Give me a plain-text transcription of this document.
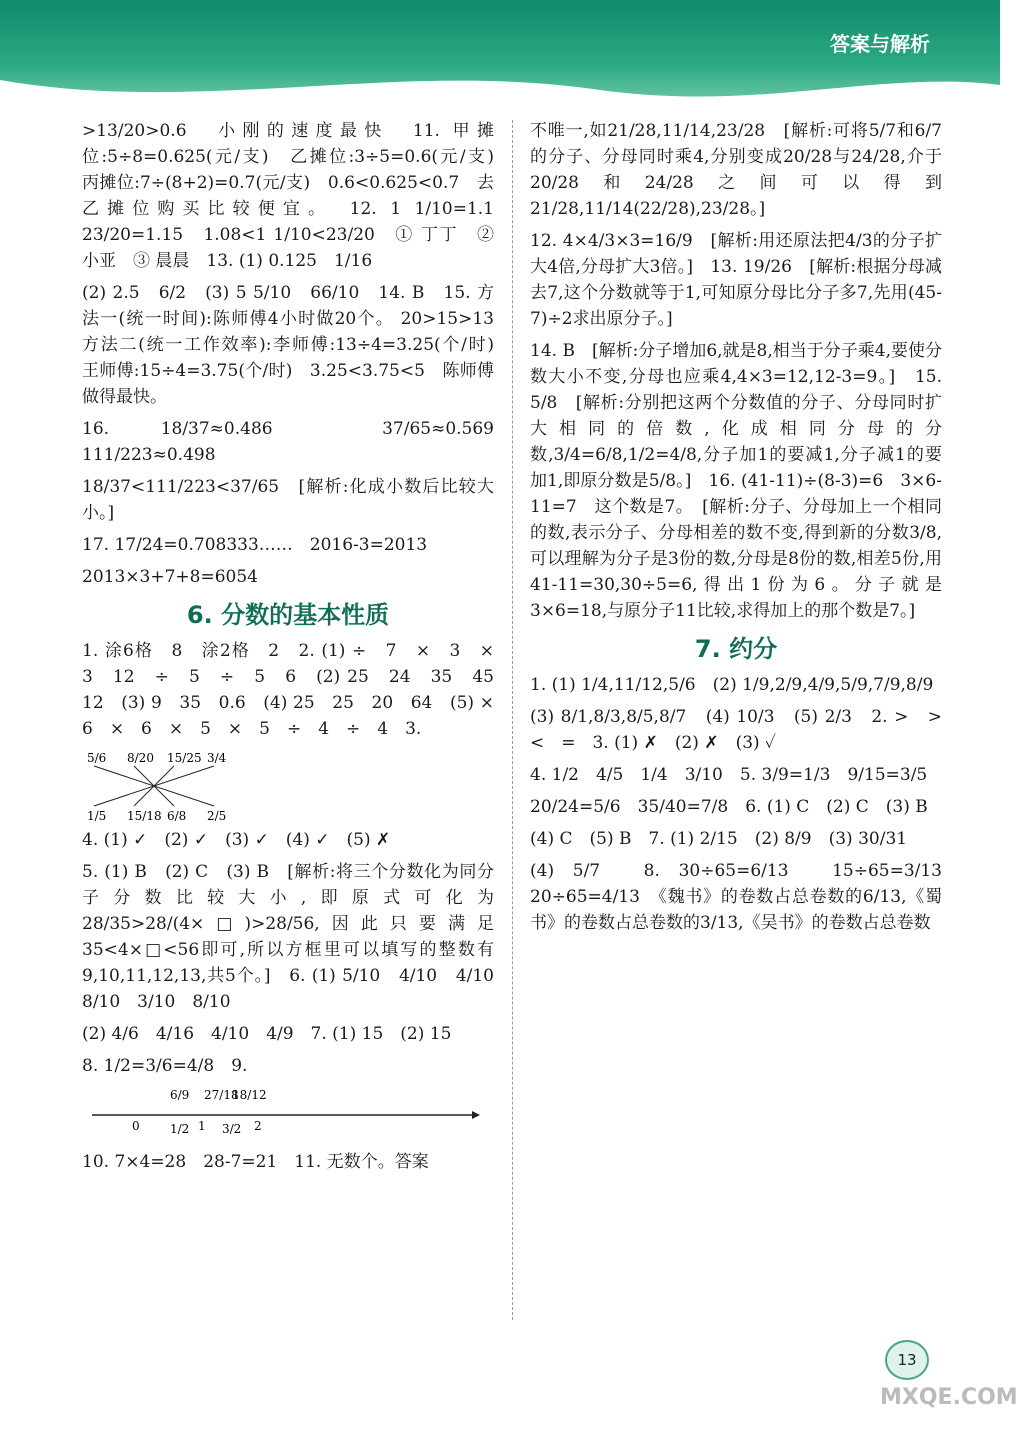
答案与解析

>13/20>0.6　小刚的速度最快　11. 甲摊位:5÷8=0.625(元/支)　乙摊位:3÷5=0.6(元/支)　丙摊位:7÷(8+2)=0.7(元/支)　0.6<0.625<0.7　去乙摊位购买比较便宜。　12. 1 1/10=1.1　23/20=1.15　1.08<1 1/10<23/20　① 丁丁　② 小亚　③ 晨晨　13. (1) 0.125　1/16

(2) 2.5　6/2　(3) 5 5/10　66/10　14. B　15. 方法一(统一时间):陈师傅4小时做20个。 20>15>13　方法二(统一工作效率):李师傅:13÷4=3.25(个/时)　王师傅:15÷4=3.75(个/时)　3.25<3.75<5　陈师傅做得最快。

16. 18/37≈0.486　37/65≈0.569　111/223≈0.498

18/37<111/223<37/65　[解析:化成小数后比较大小。]

17. 17/24=0.708333……　2016-3=2013

2013×3+7+8=6054

6. 分数的基本性质

1. 涂6格　8　涂2格　2　2. (1) ÷　7　×　3　×　3　12　÷　5　÷　5　6　(2) 25　24　35　45　12　(3) 9　35　0.6　(4) 25　25　20　64　(5) ×　6　×　6　×　5　×　5　÷　4　÷　4　3.

5/6 8/20 15/25 3/4
1/5 15/18 6/8 2/5

4. (1) ✓　(2) ✓　(3) ✓　(4) ✓　(5) ✗

5. (1) B　(2) C　(3) B　[解析:将三个分数化为同分子分数比较大小,即原式可化为28/35>28/(4×□)>28/56,因此只要满足35<4×□<56即可,所以方框里可以填写的整数有9,10,11,12,13,共5个。]　6. (1) 5/10　4/10　4/10　8/10　3/10　8/10

(2) 4/6　4/16　4/10　4/9　7. (1) 15　(2) 15

8. 1/2=3/6=4/8　9.

0	1/2 1 3/2 2
6/9 27/18
18/12

10. 7×4=28　28-7=21　11. 无数个。答案

不唯一,如21/28,11/14,23/28　[解析:可将5/7和6/7的分子、分母同时乘4,分别变成20/28与24/28,介于20/28和24/28之间可以得到21/28,11/14(22/28),23/28。]

12. 4×4/3×3=16/9　[解析:用还原法把4/3的分子扩大4倍,分母扩大3倍。]　13. 19/26　[解析:根据分母减去7,这个分数就等于1,可知原分母比分子多7,先用(45-7)÷2求出原分子。]

14. B　[解析:分子增加6,就是8,相当于分子乘4,要使分数大小不变,分母也应乘4,4×3=12,12-3=9。]　15. 5/8　[解析:分别把这两个分数值的分子、分母同时扩大相同的倍数,化成相同分母的分数,3/4=6/8,1/2=4/8,分子加1的要减1,分子减1的要加1,即原分数是5/8。]　16. (41-11)÷(8-3)=6　3×6-11=7　这个数是7。　[解析:分子、分母加上一个相同的数,表示分子、分母相差的数不变,得到新的分数3/8,可以理解为分子是3份的数,分母是8份的数,相差5份,用41-11=30,30÷5=6,得出1份为6。分子就是3×6=18,与原分子11比较,求得加上的那个数是7。]

7. 约分

1. (1) 1/4,11/12,5/6　(2) 1/9,2/9,4/9,5/9,7/9,8/9

(3) 8/1,8/3,8/5,8/7　(4) 10/3　(5) 2/3　2. >　>　<　=　3. (1) ✗　(2) ✗　(3) ✓

4. 1/2　4/5　1/4　3/10　5. 3/9=1/3　9/15=3/5

20/24=5/6　35/40=7/8　6. (1) C　(2) C　(3) B

(4) C　(5) B　7. (1) 2/15　(2) 8/9　(3) 30/31

(4) 5/7　8. 30÷65=6/13　15÷65=3/13　20÷65=4/13　《魏书》的卷数占总卷数的6/13,《蜀书》的卷数占总卷数的3/13,《吴书》的卷数占总卷数

13
MXQE.COM
